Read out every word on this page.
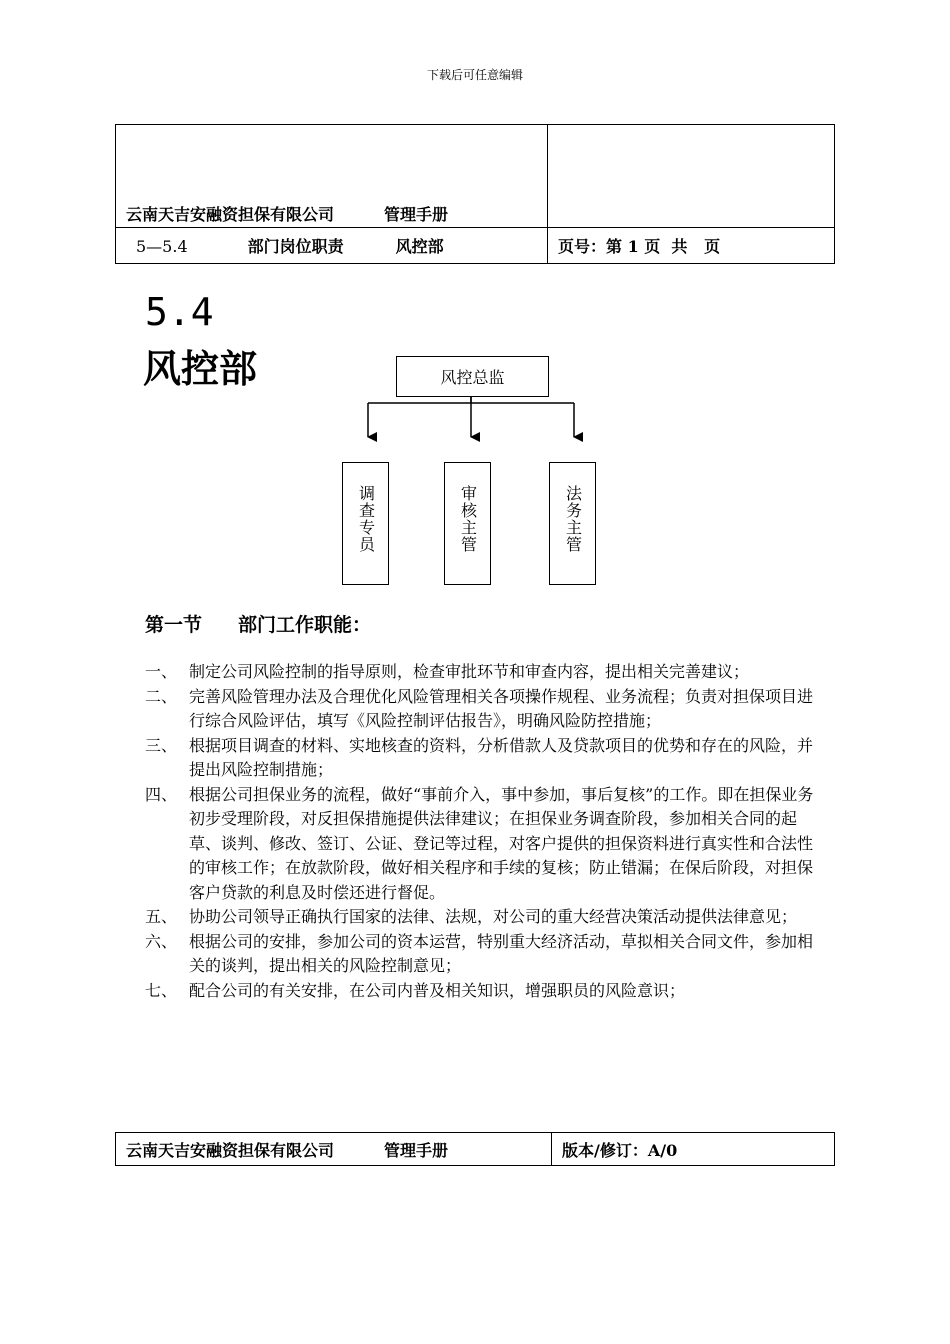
下载后可任意编辑
云南天吉安融资担保有限公司 管理手册	
5—5.4 部门岗位职责 风控部	页号：第 1 页  共   页
5.4
风控部	风控总监
调查专员	审核主管	法务主管
第一节 部门工作职能：
一、 制定公司风险控制的指导原则，检查审批环节和审查内容，提出相关完善建议；
二、 完善风险管理办法及合理优化风险管理相关各项操作规程、业务流程；负责对担保项目进行综合风险评估，填写《风险控制评估报告》，明确风险防控措施；
三、 根据项目调查的材料、实地核查的资料，分析借款人及贷款项目的优势和存在的风险，并提出风险控制措施；
四、 根据公司担保业务的流程，做好“事前介入，事中参加，事后复核”的工作。即在担保业务初步受理阶段，对反担保措施提供法律建议；在担保业务调查阶段，参加相关合同的起草、谈判、修改、签订、公证、登记等过程，对客户提供的担保资料进行真实性和合法性的审核工作；在放款阶段，做好相关程序和手续的复核；防止错漏；在保后阶段，对担保客户贷款的利息及时偿还进行督促。
五、 协助公司领导正确执行国家的法律、法规，对公司的重大经营决策活动提供法律意见；
六、 根据公司的安排，参加公司的资本运营，特别重大经济活动，草拟相关合同文件，参加相关的谈判，提出相关的风险控制意见；
七、 配合公司的有关安排，在公司内普及相关知识，增强职员的风险意识；
云南天吉安融资担保有限公司	管理手册	版本/修订：A/0
